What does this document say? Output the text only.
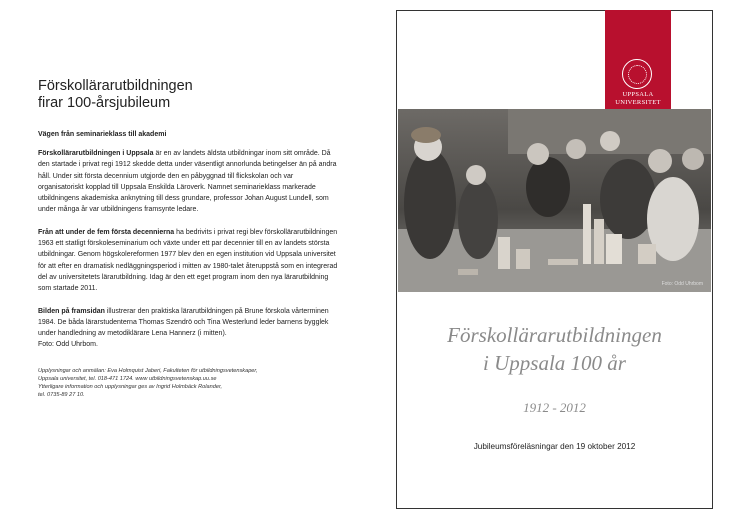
Förskollärarutbildningen
firar 100-årsjubileum
Vägen från seminarieklass till akademi

Förskollärarutbildningen i Uppsala är en av landets äldsta utbildningar inom sitt område. Då den startade i privat regi 1912 skedde detta under väsentligt annorlunda betingelser än på andra håll. Under sitt första decennium utgjorde den en påbyggnad till flickskolan och var organisatoriskt kopplad till Uppsala Enskilda Läroverk. Namnet seminarieklass markerade utbildningens akademiska anknytning till dess grundare, professor Johan August Lundell, som under många år var utbildningens framsynte ledare.

Från att under de fem första decennierna ha bedrivits i privat regi blev förskollärarutbildningen 1963 ett statligt förskoleseminarium och växte under ett par decennier till en av landets största utbildningar. Genom högskolereformen 1977 blev den en egen institution vid Uppsala universitet för att efter en dramatisk nedläggningsperiod i mitten av 1980-talet återuppstå som en integrerad del av universitetets lärarutbildning. Idag är den ett eget program inom den nya lärarutbildning som startade 2011.

Bilden på framsidan illustrerar den praktiska lärarutbildningen på Brune förskola vårterminen 1984. De båda lärarstudenterna Thomas Szendrö och Tina Westerlund leder barnens bygglek under handledning av metodiklärare Lena Hannerz (i mitten).
Foto: Odd Uhrbom.

Upplysningar och anmälan: Eva Holmquist Jaberi, Fakulteten för utbildningsvetenskaper,
Uppsala universitet, tel. 018-471 1724. www utbildningsvetenskap.uu.se
Ytterligare information och upplysningar ges av Ingrid Holmbäck Rolander,
tel. 0735-89 27 10.
UPPSALA
UNIVERSITET
Foto: Odd Uhrbom
Förskollärarutbildningen
i Uppsala 100 år
1912 - 2012
Jubileumsföreläsningar den 19 oktober 2012
